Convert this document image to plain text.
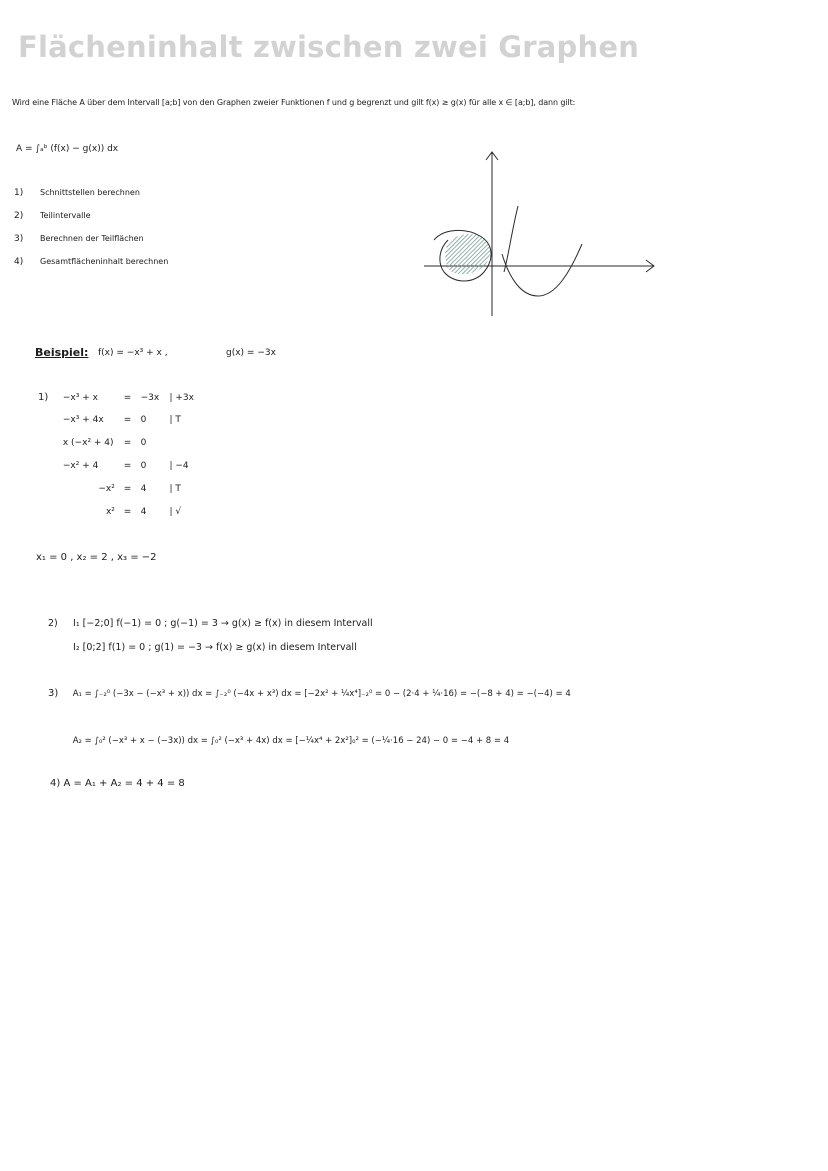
Flächeninhalt zwischen zwei Graphen
Wird eine Fläche A über dem Intervall [a;b] von den Graphen zweier Funktionen f und g begrenzt und gilt f(x) ≥ g(x) für alle x ∈ [a;b], dann gilt:
A = ∫ₐᵇ (f(x) − g(x)) dx
1)	Schnittstellen berechnen
2)	Teilintervalle
3)	Berechnen der Teilflächen
4)	Gesamtflächeninhalt berechnen
Beispiel: f(x) = −x³ + x ,	g(x) = −3x
1) −x³ + x	= −3x | +3x
−x³ + 4x = 0	| T
x (−x² + 4) = 0
−x² + 4	= 0	| −4
−x² = 4	| T
x² = 4	| √
x₁ = 0 , x₂ = 2 , x₃ = −2
2) I₁ [−2;0] f(−1) = 0 ; g(−1) = 3 → g(x) ≥ f(x) in diesem Intervall
I₂ [0;2] f(1) = 0 ; g(1) = −3 → f(x) ≥ g(x) in diesem Intervall
3) A₁ = ∫₋₂⁰ (−3x − (−x³ + x)) dx = ∫₋₂⁰ (−4x + x³) dx = [−2x² + ¼x⁴]₋₂⁰ = 0 − (2·4 + ¼·16) = −(−8 + 4) = −(−4) = 4
A₂ = ∫₀² (−x³ + x − (−3x)) dx = ∫₀² (−x³ + 4x) dx = [−¼x⁴ + 2x²]₀² = (−¼·16 − 24) − 0 = −4 + 8 = 4
4) A = A₁ + A₂ = 4 + 4 = 8
